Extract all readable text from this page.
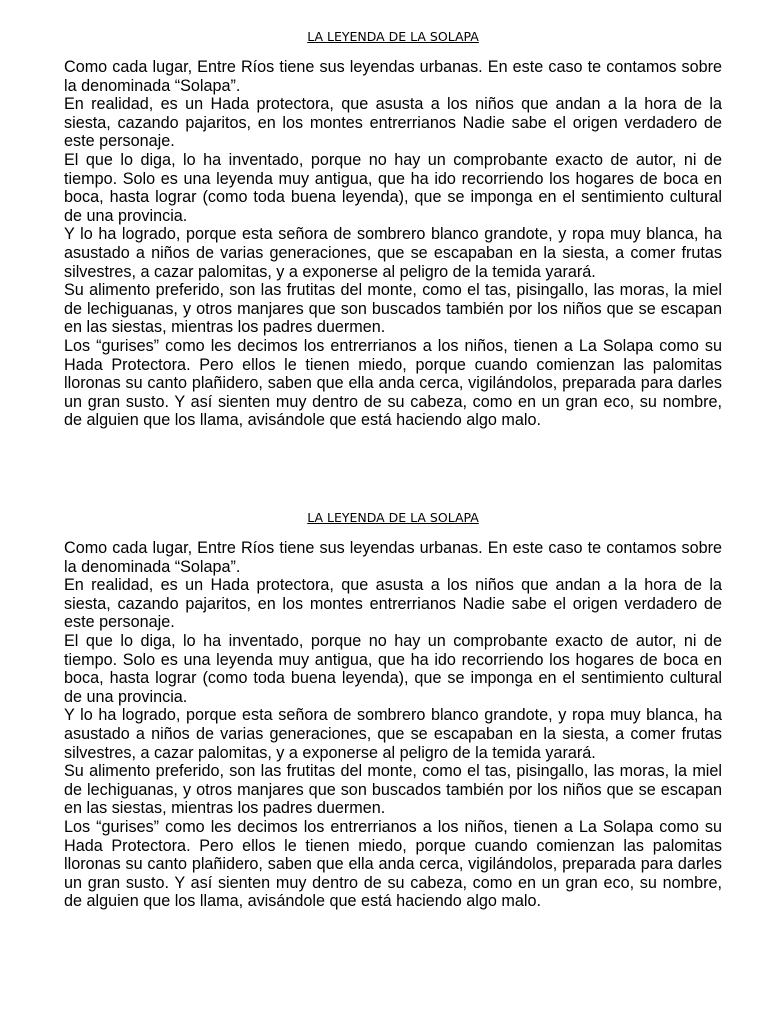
LA LEYENDA DE LA SOLAPA

Como cada lugar, Entre Ríos tiene sus leyendas urbanas. En este caso te contamos sobre la denominada “Solapa”.

En realidad, es un Hada protectora, que asusta a los niños que andan a la hora de la siesta, cazando pajaritos, en los montes entrerrianos Nadie sabe el origen verdadero de este personaje.

El que lo diga, lo ha inventado, porque no hay un comprobante exacto de autor, ni de tiempo. Solo es una leyenda muy antigua, que ha ido recorriendo los hogares de boca en boca, hasta lograr (como toda buena leyenda), que se imponga en el sentimiento cultural de una provincia.

Y lo ha logrado, porque esta señora de sombrero blanco grandote, y ropa muy blanca, ha asustado a niños de varias generaciones, que se escapaban en la siesta, a comer frutas silvestres, a cazar palomitas, y a exponerse al peligro de la temida yarará.

Su alimento preferido, son las frutitas del monte, como el tas, pisingallo, las moras, la miel de lechiguanas, y otros manjares que son buscados también por los niños que se escapan en las siestas, mientras los padres duermen.

Los “gurises” como les decimos los entrerrianos a los niños, tienen a La Solapa como su Hada Protectora. Pero ellos le tienen miedo, porque cuando comienzan las palomitas lloronas su canto plañidero, saben que ella anda cerca, vigilándolos, preparada para darles un gran susto. Y así sienten muy dentro de su cabeza, como en un gran eco, su nombre, de alguien que los llama, avisándole que está haciendo algo malo.

LA LEYENDA DE LA SOLAPA

Como cada lugar, Entre Ríos tiene sus leyendas urbanas. En este caso te contamos sobre la denominada “Solapa”.

En realidad, es un Hada protectora, que asusta a los niños que andan a la hora de la siesta, cazando pajaritos, en los montes entrerrianos Nadie sabe el origen verdadero de este personaje.

El que lo diga, lo ha inventado, porque no hay un comprobante exacto de autor, ni de tiempo. Solo es una leyenda muy antigua, que ha ido recorriendo los hogares de boca en boca, hasta lograr (como toda buena leyenda), que se imponga en el sentimiento cultural de una provincia.

Y lo ha logrado, porque esta señora de sombrero blanco grandote, y ropa muy blanca, ha asustado a niños de varias generaciones, que se escapaban en la siesta, a comer frutas silvestres, a cazar palomitas, y a exponerse al peligro de la temida yarará.

Su alimento preferido, son las frutitas del monte, como el tas, pisingallo, las moras, la miel de lechiguanas, y otros manjares que son buscados también por los niños que se escapan en las siestas, mientras los padres duermen.

Los “gurises” como les decimos los entrerrianos a los niños, tienen a La Solapa como su Hada Protectora. Pero ellos le tienen miedo, porque cuando comienzan las palomitas lloronas su canto plañidero, saben que ella anda cerca, vigilándolos, preparada para darles un gran susto. Y así sienten muy dentro de su cabeza, como en un gran eco, su nombre, de alguien que los llama, avisándole que está haciendo algo malo.
